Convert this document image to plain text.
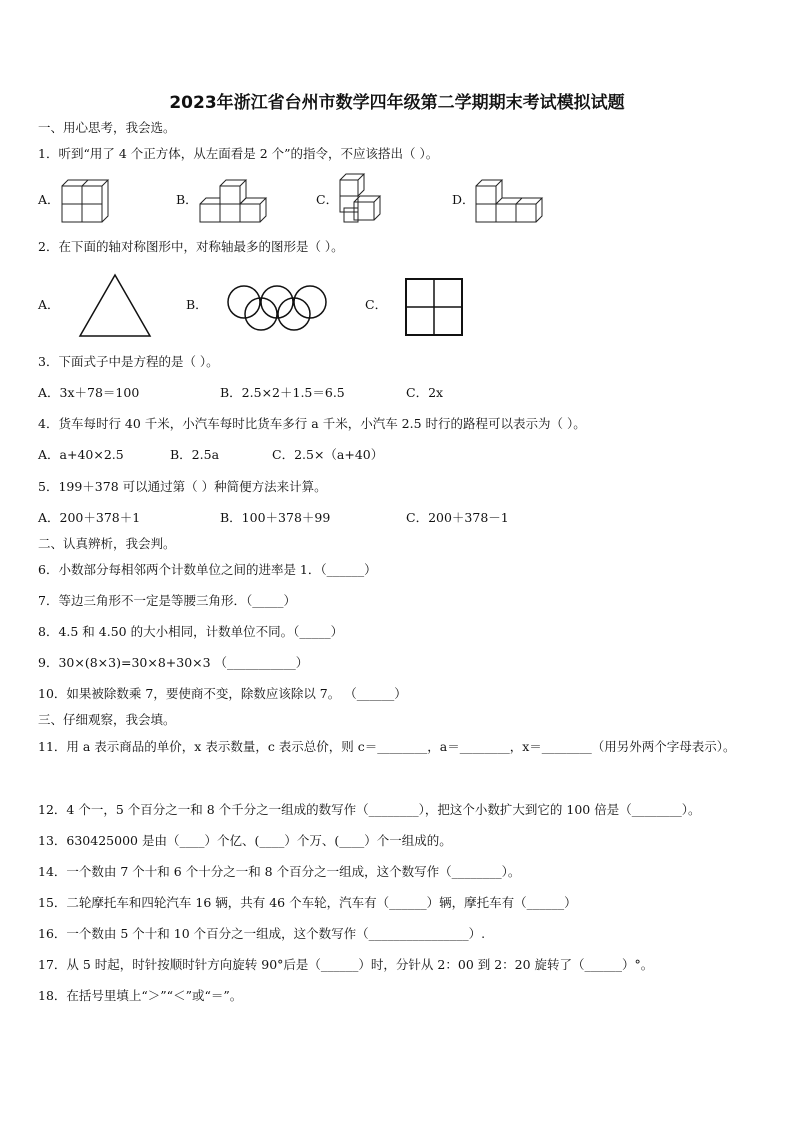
2023年浙江省台州市数学四年级第二学期期末考试模拟试题
一、用心思考，我会选。
1．听到“用了 4 个正方体，从左面看是 2 个”的指令，不应该搭出（ ）。
A．	B．	C．	D．
2．在下面的轴对称图形中，对称轴最多的图形是（ ）。
A．	B．	C．
3．下面式子中是方程的是（ ）。
A．3x＋78＝100	B．2.5×2＋1.5＝6.5	C．2x
4．货车每时行 40 千米，小汽车每时比货车多行 a 千米，小汽车 2.5 时行的路程可以表示为（ ）。
A．a+40×2.5	B．2.5a	C．2.5×（a+40）
5．199＋378 可以通过第（ ）种简便方法来计算。
A．200＋378＋1	B．100＋378＋99	C．200＋378－1
二、认真辨析，我会判。
6．小数部分每相邻两个计数单位之间的进率是 1．（______）
7．等边三角形不一定是等腰三角形．（_____）
8．4.5 和 4.50 的大小相同，计数单位不同。（_____）
9．30×(8×3)=30×8+30×3 （___________）
10．如果被除数乘 7，要使商不变，除数应该除以 7。 （______）
三、仔细观察，我会填。
11．用 a 表示商品的单价，x 表示数量，c 表示总价，则 c＝________，a＝________，x＝________（用另外两个字母表示）。
12．4 个一，5 个百分之一和 8 个千分之一组成的数写作（________），把这个小数扩大到它的 100 倍是（________）。
13．630425000 是由（____）个亿、(____）个万、(____）个一组成的。
14．一个数由 7 个十和 6 个十分之一和 8 个百分之一组成，这个数写作（________）。
15．二轮摩托车和四轮汽车 16 辆，共有 46 个车轮，汽车有（______）辆，摩托车有（______）
16．一个数由 5 个十和 10 个百分之一组成，这个数写作（________________）.
17．从 5 时起，时针按顺时针方向旋转 90°后是（______）时，分针从 2：00 到 2：20 旋转了（______）°。
18．在括号里填上“＞”“＜”或“＝”。
